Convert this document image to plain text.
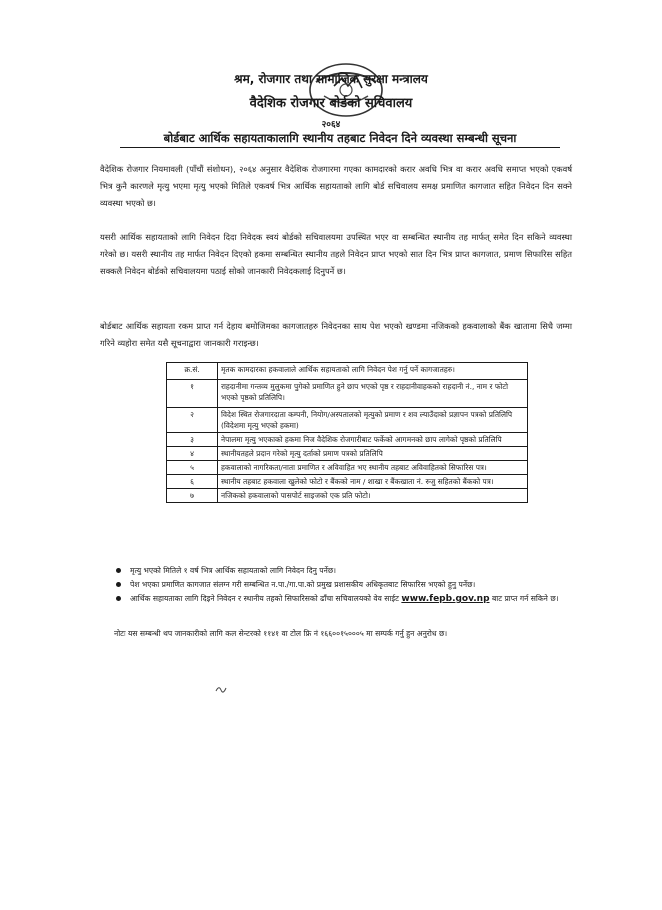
श्रम, रोजगार तथा सामाजिक सुरक्षा मन्त्रालय
वैदेशिक रोजगार बोर्डको सचिवालय
२०६४
बोर्डबाट आर्थिक सहायताकालागि स्थानीय तहबाट निवेदन दिने व्यवस्था सम्बन्धी सूचना

वैदेशिक रोजगार नियमावली (पाँचौं संशोधन), २०६४ अनुसार वैदेशिक रोजगारमा गएका कामदारको करार अवधि भित्र वा करार अवधि समाप्त भएको एकवर्ष भित्र कुनै कारणले मृत्यु भएमा मृत्यु भएको मितिले एकवर्ष भित्र आर्थिक सहायताको लागि बोर्ड सचिवालय समक्ष प्रमाणित कागजात सहित निवेदन दिन सक्ने व्यवस्था भएको छ।

यसरी आर्थिक सहायताको लागि निवेदन दिदा निवेदक स्वयं बोर्डको सचिवालयमा उपस्थित भएर वा सम्बन्धित स्थानीय तह मार्फत् समेत दिन सकिने व्यवस्था गरेको छ। यसरी स्थानीय तह मार्फत निवेदन दिएको हकमा सम्बन्धित स्थानीय तहले निवेदन प्राप्त भएको सात दिन भित्र प्राप्त कागजात, प्रमाण सिफारिस सहित सक्कलै निवेदन बोर्डको सचिवालयमा पठाई सोको जानकारी निवेदकलाई दिनुपर्ने छ।

बोर्डबाट आर्थिक सहायता रकम प्राप्त गर्न देहाय बमोजिमका कागजातहरु निवेदनका साथ पेश भएको खण्डमा नजिकको हकवालाको बैंक खातामा सिधै जम्मा गरिने व्यहोरा समेत यसै सूचनाद्वारा जानकारी गराइन्छ।

क्र.सं.	मृतक कामदारका हकवालाले आर्थिक सहायताको लागि निवेदन पेश गर्नु पर्ने कागजातहरु।
१	राहदानीमा गन्तव्य मुलुकमा पुगेको प्रमाणित हुने छाप भएको पृष्ठ र राहदानीवाहकको राहदानी नं., नाम र फोटो भएको पृष्ठको प्रतिलिपि।
२	विदेश स्थित रोजगारदाता कम्पनी, नियोग/अस्पतालको मृत्युको प्रमाण र शव ल्याउँदाको प्रज्ञापन पत्रको प्रतिलिपि (विदेशमा मृत्यु भएको हकमा)
३	नेपालमा मृत्यु भएकाको हकमा निज वैदेशिक रोजगारीबाट फर्केको आगमनको छाप लागेको पृष्ठको प्रतिलिपि
४	स्थानीयतहले प्रदान गरेको मृत्यु दर्ताको प्रमाण पत्रको प्रतिलिपि
५	हकवालाको नागरिकता/नाता प्रमाणित र अविवाहित भए स्थानीय तहबाट अविवाहितको सिफारिस पत्र।
६	स्थानीय तहबाट हकवाला खुलेको फोटो र बैंकको नाम / शाखा र बैंकखाता नं. रुजु सहितको बैंकको पत्र।
७	नजिकको हकवालाको पासपोर्ट साइजको एक प्रति फोटो।
मृत्यु भएको मितिले १ वर्ष भित्र आर्थिक सहायताको लागि निवेदन दिनु पर्नेछ।
पेश भएका प्रमाणित कागजात संलग्न गरी सम्बन्धित न.पा./गा.पा.को प्रमुख प्रशासकीय अधिकृतबाट सिफारिस भएको हुनु पर्नेछ।
आर्थिक सहायताका लागि दिइने निवेदन र स्थानीय तहको सिफारिसको ढाँचा सचिवालयको वेव साईट www.fepb.gov.np बाट प्राप्त गर्न सकिने छ।
नोटः यस सम्बन्धी थप जानकारीको लागि कल सेन्टरको ११४१ वा टोल फ्रि नं १६६००१५०००५ मा सम्पर्क गर्नु हुन अनुरोध छ।
